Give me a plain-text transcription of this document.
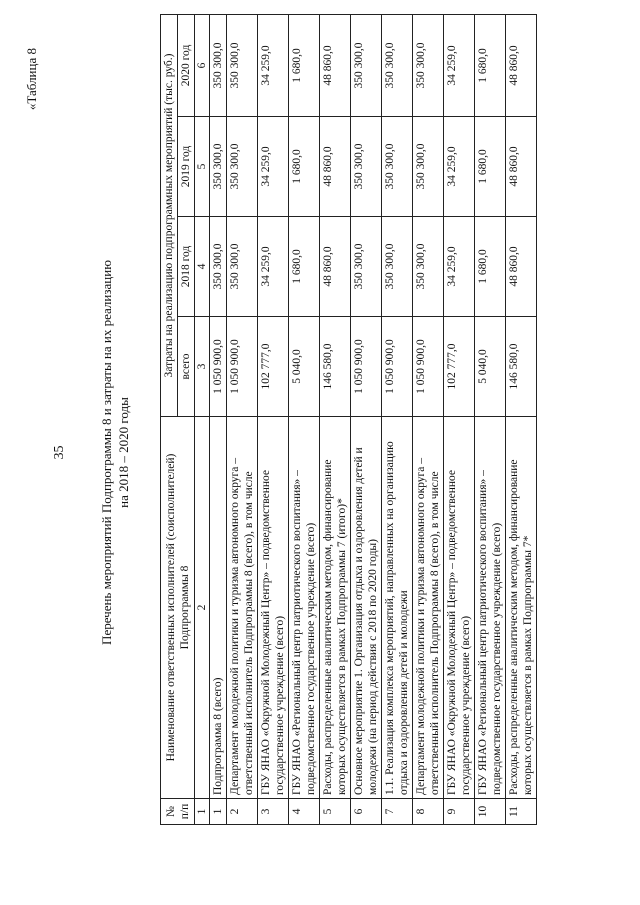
«Таблица 8
35 Перечень мероприятий Подпрограммы 8 и затраты на их реализацию на 2018 – 2020 годы
№ п/п	Наименование ответственных исполнителей (соисполнителей) Подпрограммы 8	Затраты на реализацию подпрограммных мероприятий (тыс. руб.)			
		всего	2018 год	2019 год	2020 год
1	2	3	4	5	6
1	Подпрограмма 8 (всего)	1 050 900,0	350 300,0	350 300,0	350 300,0
2	Департамент молодежной политики и туризма автономного округа – ответственный исполнитель Подпрограммы 8 (всего), в том числе	1 050 900,0	350 300,0	350 300,0	350 300,0
3	ГБУ ЯНАО «Окружной Молодежный Центр» – подведомственное государственное учреждение (всего)	102 777,0	34 259,0	34 259,0	34 259,0
4	ГБУ ЯНАО «Региональный центр патриотического воспитания» – подведомственное государственное учреждение (всего)	5 040,0	1 680,0	1 680,0	1 680,0
5	Расходы, распределенные аналитическим методом, финансирование которых осуществляется в рамках Подпрограммы 7 (итого)*	146 580,0	48 860,0	48 860,0	48 860,0
6	Основное мероприятие 1. Организация отдыха и оздоровления детей и молодежи (на период действия с 2018 по 2020 годы)	1 050 900,0	350 300,0	350 300,0	350 300,0
7	1.1. Реализация комплекса мероприятий, направленных на организацию отдыха и оздоровления детей и молодежи	1 050 900,0	350 300,0	350 300,0	350 300,0
8	Департамент молодежной политики и туризма автономного округа – ответственный исполнитель Подпрограммы 8 (всего), в том числе	1 050 900,0	350 300,0	350 300,0	350 300,0
9	ГБУ ЯНАО «Окружной Молодежный Центр» – подведомственное государственное учреждение (всего)	102 777,0	34 259,0	34 259,0	34 259,0
10	ГБУ ЯНАО «Региональный центр патриотического воспитания» – подведомственное государственное учреждение (всего)	5 040,0	1 680,0	1 680,0	1 680,0
11	Расходы, распределенные аналитическим методом, финансирование которых осуществляется в рамках Подпрограммы 7*	146 580,0	48 860,0	48 860,0	48 860,0
